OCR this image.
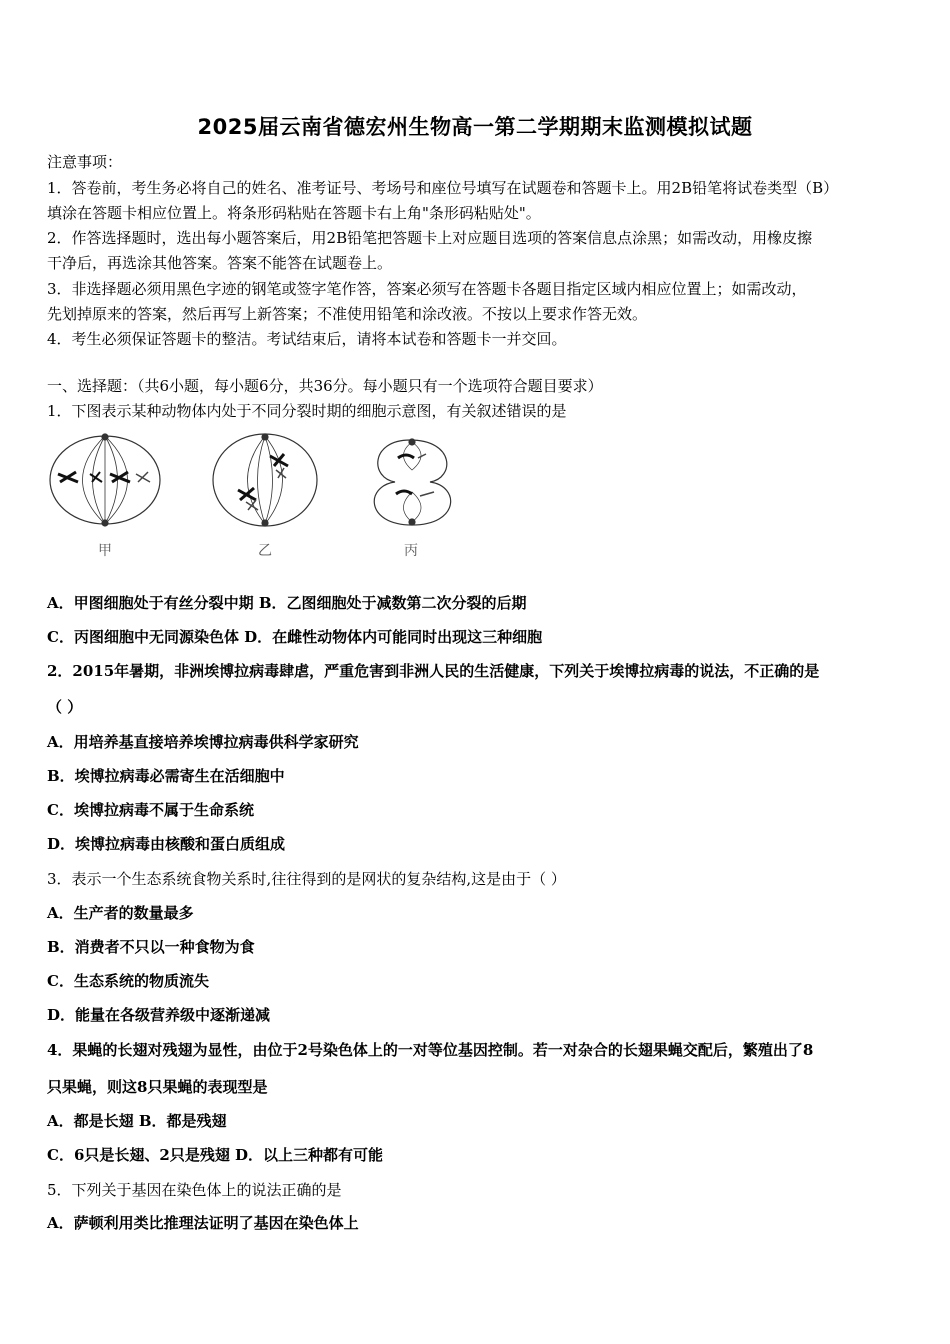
2025届云南省德宏州生物高一第二学期期末监测模拟试题
注意事项：
1．答卷前，考生务必将自己的姓名、准考证号、考场号和座位号填写在试题卷和答题卡上。用2B铅笔将试卷类型（B）
填涂在答题卡相应位置上。将条形码粘贴在答题卡右上角"条形码粘贴处"。
2．作答选择题时，选出每小题答案后，用2B铅笔把答题卡上对应题目选项的答案信息点涂黑；如需改动，用橡皮擦
干净后，再选涂其他答案。答案不能答在试题卷上。
3．非选择题必须用黑色字迹的钢笔或签字笔作答，答案必须写在答题卡各题目指定区域内相应位置上；如需改动，
先划掉原来的答案，然后再写上新答案；不准使用铅笔和涂改液。不按以上要求作答无效。
4．考生必须保证答题卡的整洁。考试结束后，请将本试卷和答题卡一并交回。
一、选择题：（共6小题，每小题6分，共36分。每小题只有一个选项符合题目要求）
1．下图表示某种动物体内处于不同分裂时期的细胞示意图，有关叙述错误的是
甲	乙	丙
A．甲图细胞处于有丝分裂中期 B．乙图细胞处于减数第二次分裂的后期
C．丙图细胞中无同源染色体 D．在雌性动物体内可能同时出现这三种细胞
2．2015年暑期，非洲埃博拉病毒肆虐，严重危害到非洲人民的生活健康，下列关于埃博拉病毒的说法，不正确的是
（ ）
A．用培养基直接培养埃博拉病毒供科学家研究
B．埃博拉病毒必需寄生在活细胞中
C．埃博拉病毒不属于生命系统
D．埃博拉病毒由核酸和蛋白质组成
3．表示一个生态系统食物关系时,往往得到的是网状的复杂结构,这是由于（ ）
A．生产者的数量最多
B．消费者不只以一种食物为食
C．生态系统的物质流失
D．能量在各级营养级中逐渐递减
4．果蝇的长翅对残翅为显性，由位于2号染色体上的一对等位基因控制。若一对杂合的长翅果蝇交配后，繁殖出了8
只果蝇，则这8只果蝇的表现型是
A．都是长翅 B．都是残翅
C．6只是长翅、2只是残翅 D．以上三种都有可能
5．下列关于基因在染色体上的说法正确的是
A．萨顿利用类比推理法证明了基因在染色体上
